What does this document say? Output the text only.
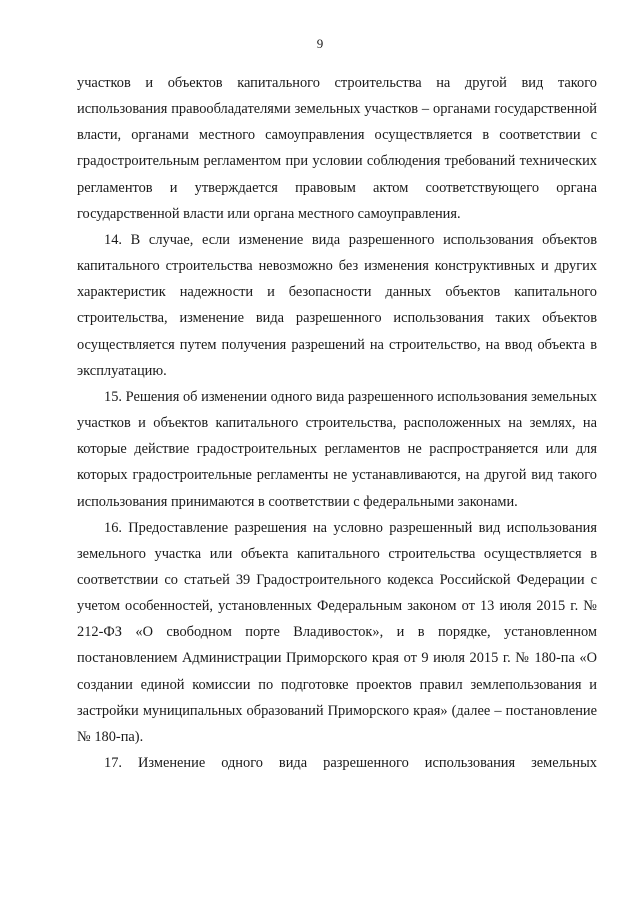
9

участков и объектов капитального строительства на другой вид такого использования правообладателями земельных участков – органами государственной власти, органами местного самоуправления осуществляется в соответствии с градостроительным регламентом при условии соблюдения требований технических регламентов и утверждается правовым актом соответствующего органа государственной власти или органа местного самоуправления.

14. В случае, если изменение вида разрешенного использования объектов капитального строительства невозможно без изменения конструктивных и других характеристик надежности и безопасности данных объектов капитального строительства, изменение вида разрешенного использования таких объектов осуществляется путем получения разрешений на строительство, на ввод объекта в эксплуатацию.

15. Решения об изменении одного вида разрешенного использования земельных участков и объектов капитального строительства, расположенных на землях, на которые действие градостроительных регламентов не распространяется или для которых градостроительные регламенты не устанавливаются, на другой вид такого использования принимаются в соответствии с федеральными законами.

16. Предоставление разрешения на условно разрешенный вид использования земельного участка или объекта капитального строительства осуществляется в соответствии со статьей 39 Градостроительного кодекса Российской Федерации с учетом особенностей, установленных Федеральным законом от 13 июля 2015 г. № 212-ФЗ «О свободном порте Владивосток», и в порядке, установленном постановлением Администрации Приморского края от 9 июля 2015 г. № 180-па «О создании единой комиссии по подготовке проектов правил землепользования и застройки муниципальных образований Приморского края» (далее – постановление № 180-па).

17. Изменение одного вида разрешенного использования земельных
